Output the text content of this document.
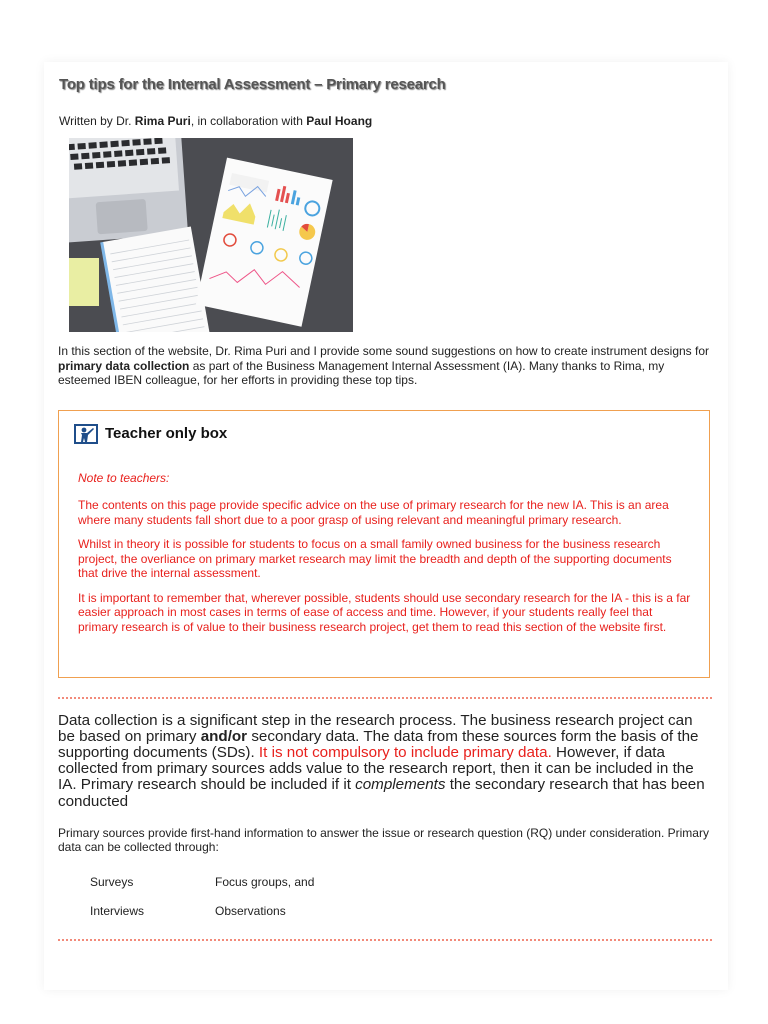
Top tips for the Internal Assessment – Primary research
Written by Dr. Rima Puri, in collaboration with Paul Hoang
In this section of the website, Dr. Rima Puri and I provide some sound suggestions on how to create instrument designs for primary data collection as part of the Business Management Internal Assessment (IA). Many thanks to Rima, my esteemed IBEN colleague, for her efforts in providing these top tips.
Teacher only box

Note to teachers:

The contents on this page provide specific advice on the use of primary research for the new IA. This is an area where many students fall short due to a poor grasp of using relevant and meaningful primary research.

Whilst in theory it is possible for students to focus on a small family owned business for the business research project, the overliance on primary market research may limit the breadth and depth of the supporting documents that drive the internal assessment.

It is important to remember that, wherever possible, students should use secondary research for the IA - this is a far easier approach in most cases in terms of ease of access and time. However, if your students really feel that primary research is of value to their business research project, get them to read this section of the website first.

Data collection is a significant step in the research process. The business research project can be based on primary and/or secondary data. The data from these sources form the basis of the supporting documents (SDs). It is not compulsory to include primary data. However, if data collected from primary sources adds value to the research report, then it can be included in the IA. Primary research should be included if it complements the secondary research that has been conducted
Primary sources provide first-hand information to answer the issue or research question (RQ) under consideration. Primary data can be collected through:
Surveys	Focus groups, and
Interviews	Observations
